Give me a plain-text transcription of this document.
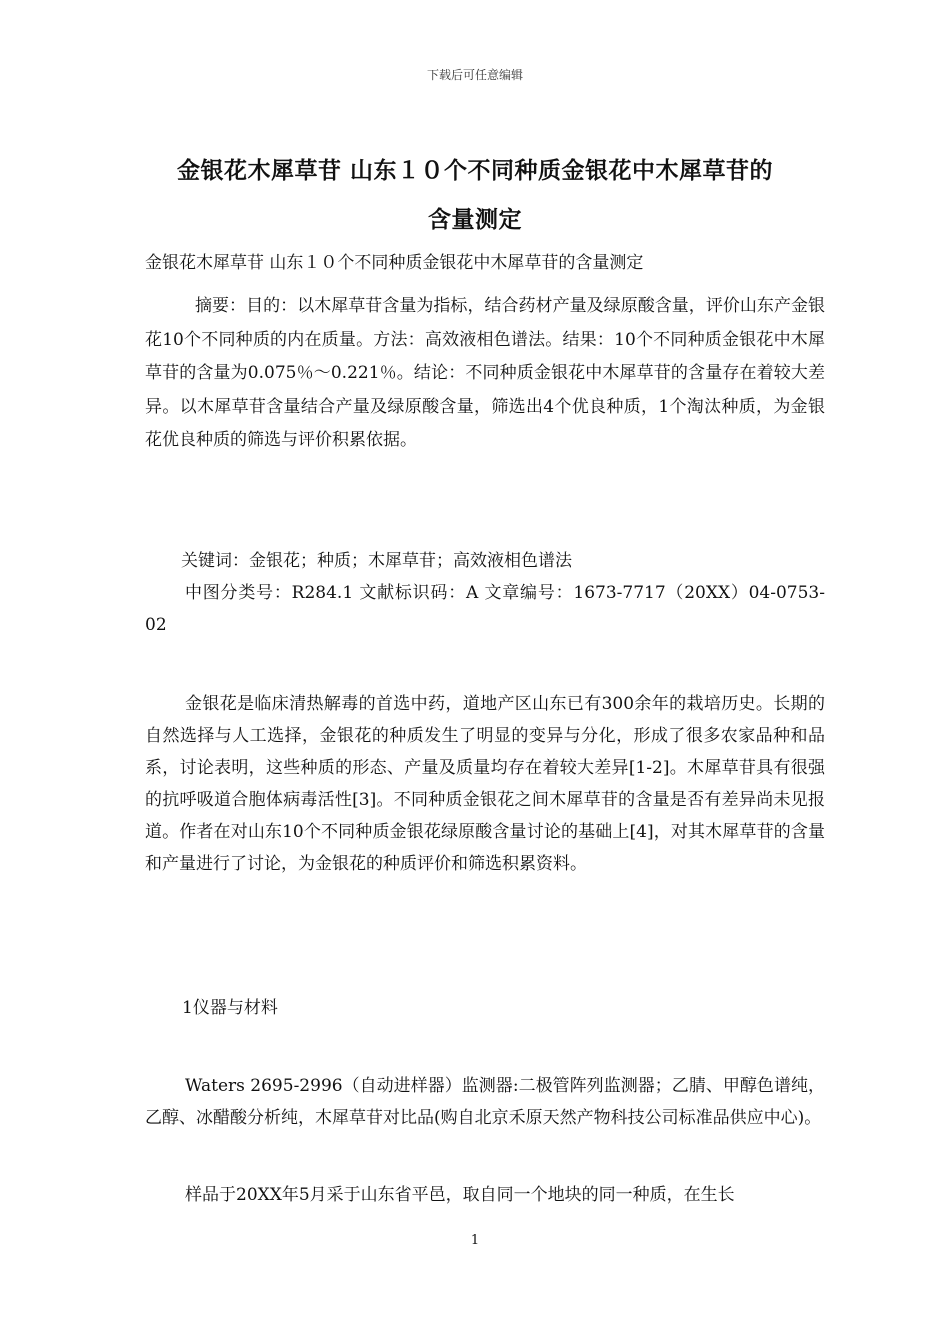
下载后可任意编辑
金银花木犀草苷 山东１０个不同种质金银花中木犀草苷的
含量测定
金银花木犀草苷 山东１０个不同种质金银花中木犀草苷的含量测定

摘要：目的：以木犀草苷含量为指标，结合药材产量及绿原酸含量，评价山东产金银花10个不同种质的内在质量。方法：高效液相色谱法。结果：10个不同种质金银花中木犀草苷的含量为0.075％～0.221％。结论：不同种质金银花中木犀草苷的含量存在着较大差异。以木犀草苷含量结合产量及绿原酸含量，筛选出4个优良种质，1个淘汰种质，为金银花优良种质的筛选与评价积累依据。

关键词：金银花；种质；木犀草苷；高效液相色谱法

中图分类号：R284.1 文献标识码：A 文章编号：1673-7717（20XX）04-0753-02

金银花是临床清热解毒的首选中药，道地产区山东已有300余年的栽培历史。长期的自然选择与人工选择，金银花的种质发生了明显的变异与分化，形成了很多农家品种和品系，讨论表明，这些种质的形态、产量及质量均存在着较大差异[1-2]。木犀草苷具有很强的抗呼吸道合胞体病毒活性[3]。不同种质金银花之间木犀草苷的含量是否有差异尚未见报道。作者在对山东10个不同种质金银花绿原酸含量讨论的基础上[4]，对其木犀草苷的含量和产量进行了讨论，为金银花的种质评价和筛选积累资料。

1仪器与材料

Waters 2695-2996（自动进样器）监测器:二极管阵列监测器；乙腈、甲醇色谱纯，乙醇、冰醋酸分析纯，木犀草苷对比品(购自北京禾原天然产物科技公司标准品供应中心)。

样品于20XX年5月采于山东省平邑，取自同一个地块的同一种质，在生长

1
